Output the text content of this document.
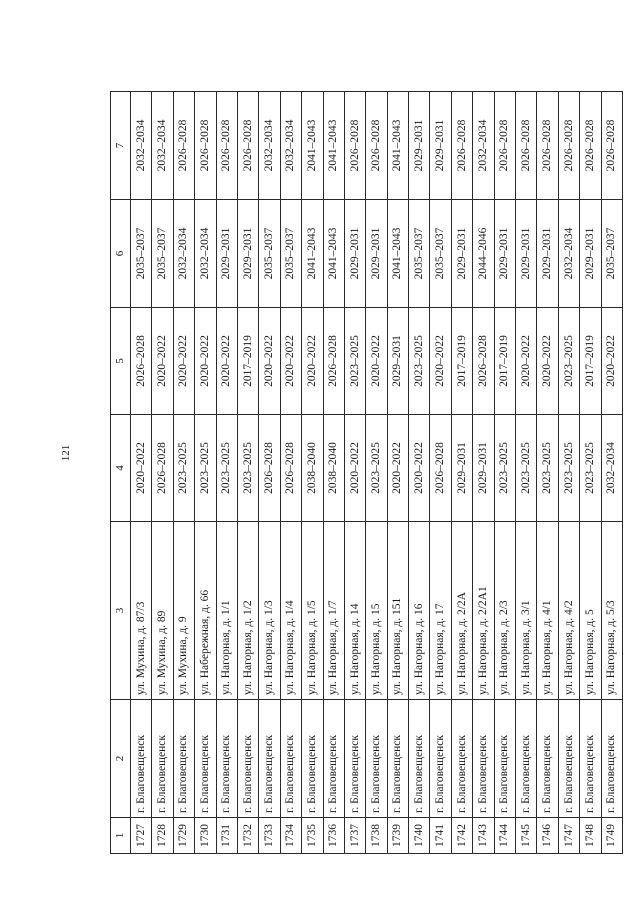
121
1	2	3	4	5	6	7
1727	г. Благовещенск	ул. Мухина, д. 87/3	2020–2022	2026–2028	2035–2037	2032–2034
1728	г. Благовещенск	ул. Мухина, д. 89	2026–2028	2020–2022	2035–2037	2032–2034
1729	г. Благовещенск	ул. Мухина, д. 9	2023–2025	2020–2022	2032–2034	2026–2028
1730	г. Благовещенск	ул. Набережная, д. 66	2023–2025	2020–2022	2032–2034	2026–2028
1731	г. Благовещенск	ул. Нагорная, д. 1/1	2023–2025	2020–2022	2029–2031	2026–2028
1732	г. Благовещенск	ул. Нагорная, д. 1/2	2023–2025	2017–2019	2029–2031	2026–2028
1733	г. Благовещенск	ул. Нагорная, д. 1/3	2026–2028	2020–2022	2035–2037	2032–2034
1734	г. Благовещенск	ул. Нагорная, д. 1/4	2026–2028	2020–2022	2035–2037	2032–2034
1735	г. Благовещенск	ул. Нагорная, д. 1/5	2038–2040	2020–2022	2041–2043	2041–2043
1736	г. Благовещенск	ул. Нагорная, д. 1/7	2038–2040	2026–2028	2041–2043	2041–2043
1737	г. Благовещенск	ул. Нагорная, д. 14	2020–2022	2023–2025	2029–2031	2026–2028
1738	г. Благовещенск	ул. Нагорная, д. 15	2023–2025	2020–2022	2029–2031	2026–2028
1739	г. Благовещенск	ул. Нагорная, д. 151	2020–2022	2029–2031	2041–2043	2041–2043
1740	г. Благовещенск	ул. Нагорная, д. 16	2020–2022	2023–2025	2035–2037	2029–2031
1741	г. Благовещенск	ул. Нагорная, д. 17	2026–2028	2020–2022	2035–2037	2029–2031
1742	г. Благовещенск	ул. Нагорная, д. 2/2А	2029–2031	2017–2019	2029–2031	2026–2028
1743	г. Благовещенск	ул. Нагорная, д. 2/2А1	2029–2031	2026–2028	2044–2046	2032–2034
1744	г. Благовещенск	ул. Нагорная, д. 2/3	2023–2025	2017–2019	2029–2031	2026–2028
1745	г. Благовещенск	ул. Нагорная, д. 3/1	2023–2025	2020–2022	2029–2031	2026–2028
1746	г. Благовещенск	ул. Нагорная, д. 4/1	2023–2025	2020–2022	2029–2031	2026–2028
1747	г. Благовещенск	ул. Нагорная, д. 4/2	2023–2025	2023–2025	2032–2034	2026–2028
1748	г. Благовещенск	ул. Нагорная, д. 5	2023–2025	2017–2019	2029–2031	2026–2028
1749	г. Благовещенск	ул. Нагорная, д. 5/3	2032–2034	2020–2022	2035–2037	2026–2028
